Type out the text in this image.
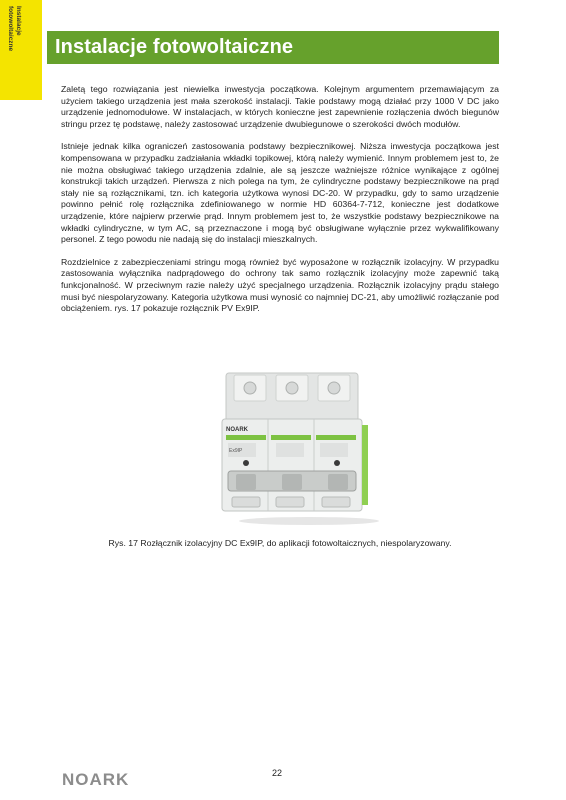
Instalacje
fotowoltaiczne	Instalacje fotowoltaiczne

Zaletą tego rozwiązania jest niewielka inwestycja początkowa. Kolejnym argumentem przemawiającym za użyciem takiego urządzenia jest mała szerokość instalacji. Takie podstawy mogą działać przy 1000 V DC jako urządzenie jednomodułowe. W instalacjach, w których konieczne jest zapewnienie rozłączenia dwóch biegunów stringu przez tę podstawę, należy zastosować urządzenie dwubiegunowe o szerokości dwóch modułów.

Istnieje jednak kilka ograniczeń zastosowania podstawy bezpiecznikowej. Niższa inwestycja początkowa jest kompensowana w przypadku zadziałania wkładki topikowej, którą należy wymienić. Innym problemem jest to, że nie można obsługiwać takiego urządzenia zdalnie, ale są jeszcze ważniejsze różnice wynikające z ogólnej konstrukcji takich urządzeń. Pierwsza z nich polega na tym, że cylindryczne podstawy bezpiecznikowe na prąd stały nie są rozłącznikami, tzn. ich kategoria użytkowa wynosi DC-20. W przypadku, gdy to samo urządzenie powinno pełnić rolę rozłącznika zdefiniowanego w normie HD 60364-7-712, konieczne jest dodatkowe urządzenie, które najpierw przerwie prąd. Innym problemem jest to, że wszystkie podstawy bezpiecznikowe na wkładki cylindryczne, w tym AC, są przeznaczone i mogą być obsługiwane wyłącznie przez wykwalifikowany personel. Z tego powodu nie nadają się do instalacji mieszkalnych.

Rozdzielnice z zabezpieczeniami stringu mogą również być wyposażone w rozłącznik izolacyjny. W przypadku zastosowania wyłącznika nadprądowego do ochrony tak samo rozłącznik izolacyjny może zapewnić taką funkcjonalność. W przeciwnym razie należy użyć specjalnego urządzenia. Rozłącznik izolacyjny prądu stałego musi być niespolaryzowany. Kategoria użytkowa musi wynosić co najmniej DC-21, aby umożliwić rozłączanie pod obciążeniem. rys. 17 pokazuje rozłącznik PV Ex9IP.

NOARK
Ex9IP
Rys. 17 Rozłącznik izolacyjny DC Ex9IP, do aplikacji fotowoltaicznych, niespolaryzowany.
NOARK	22
